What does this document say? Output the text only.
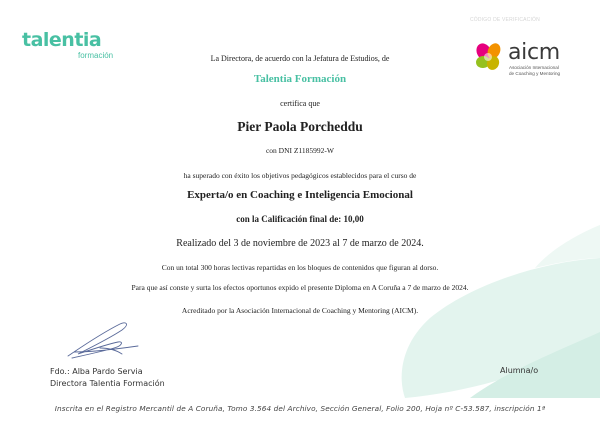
CÓDIGO DE VERIFICACIÓN
talentia
formación	aicm
Asociación Internacional
de Coaching y Mentoring
La Directora, de acuerdo con la Jefatura de Estudios, de
Talentia Formación
certifica que
Pier Paola Porcheddu
con DNI Z1185992-W
ha superado con éxito los objetivos pedagógicos establecidos para el curso de
Experta/o en Coaching e Inteligencia Emocional
con la Calificación final de: 10,00
Realizado del 3 de noviembre de 2023 al 7 de marzo de 2024.
Con un total 300 horas lectivas repartidas en los bloques de contenidos que figuran al dorso.
Para que así conste y surta los efectos oportunos expido el presente Diploma en A Coruña a 7 de marzo de 2024.
Acreditado por la Asociación Internacional de Coaching y Mentoring (AICM).
Fdo.: Alba Pardo Servia
Directora Talentia Formación
Alumna/o
Inscrita en el Registro Mercantil de A Coruña, Tomo 3.564 del Archivo, Sección General, Folio 200, Hoja nº C-53.587, inscripción 1ª
